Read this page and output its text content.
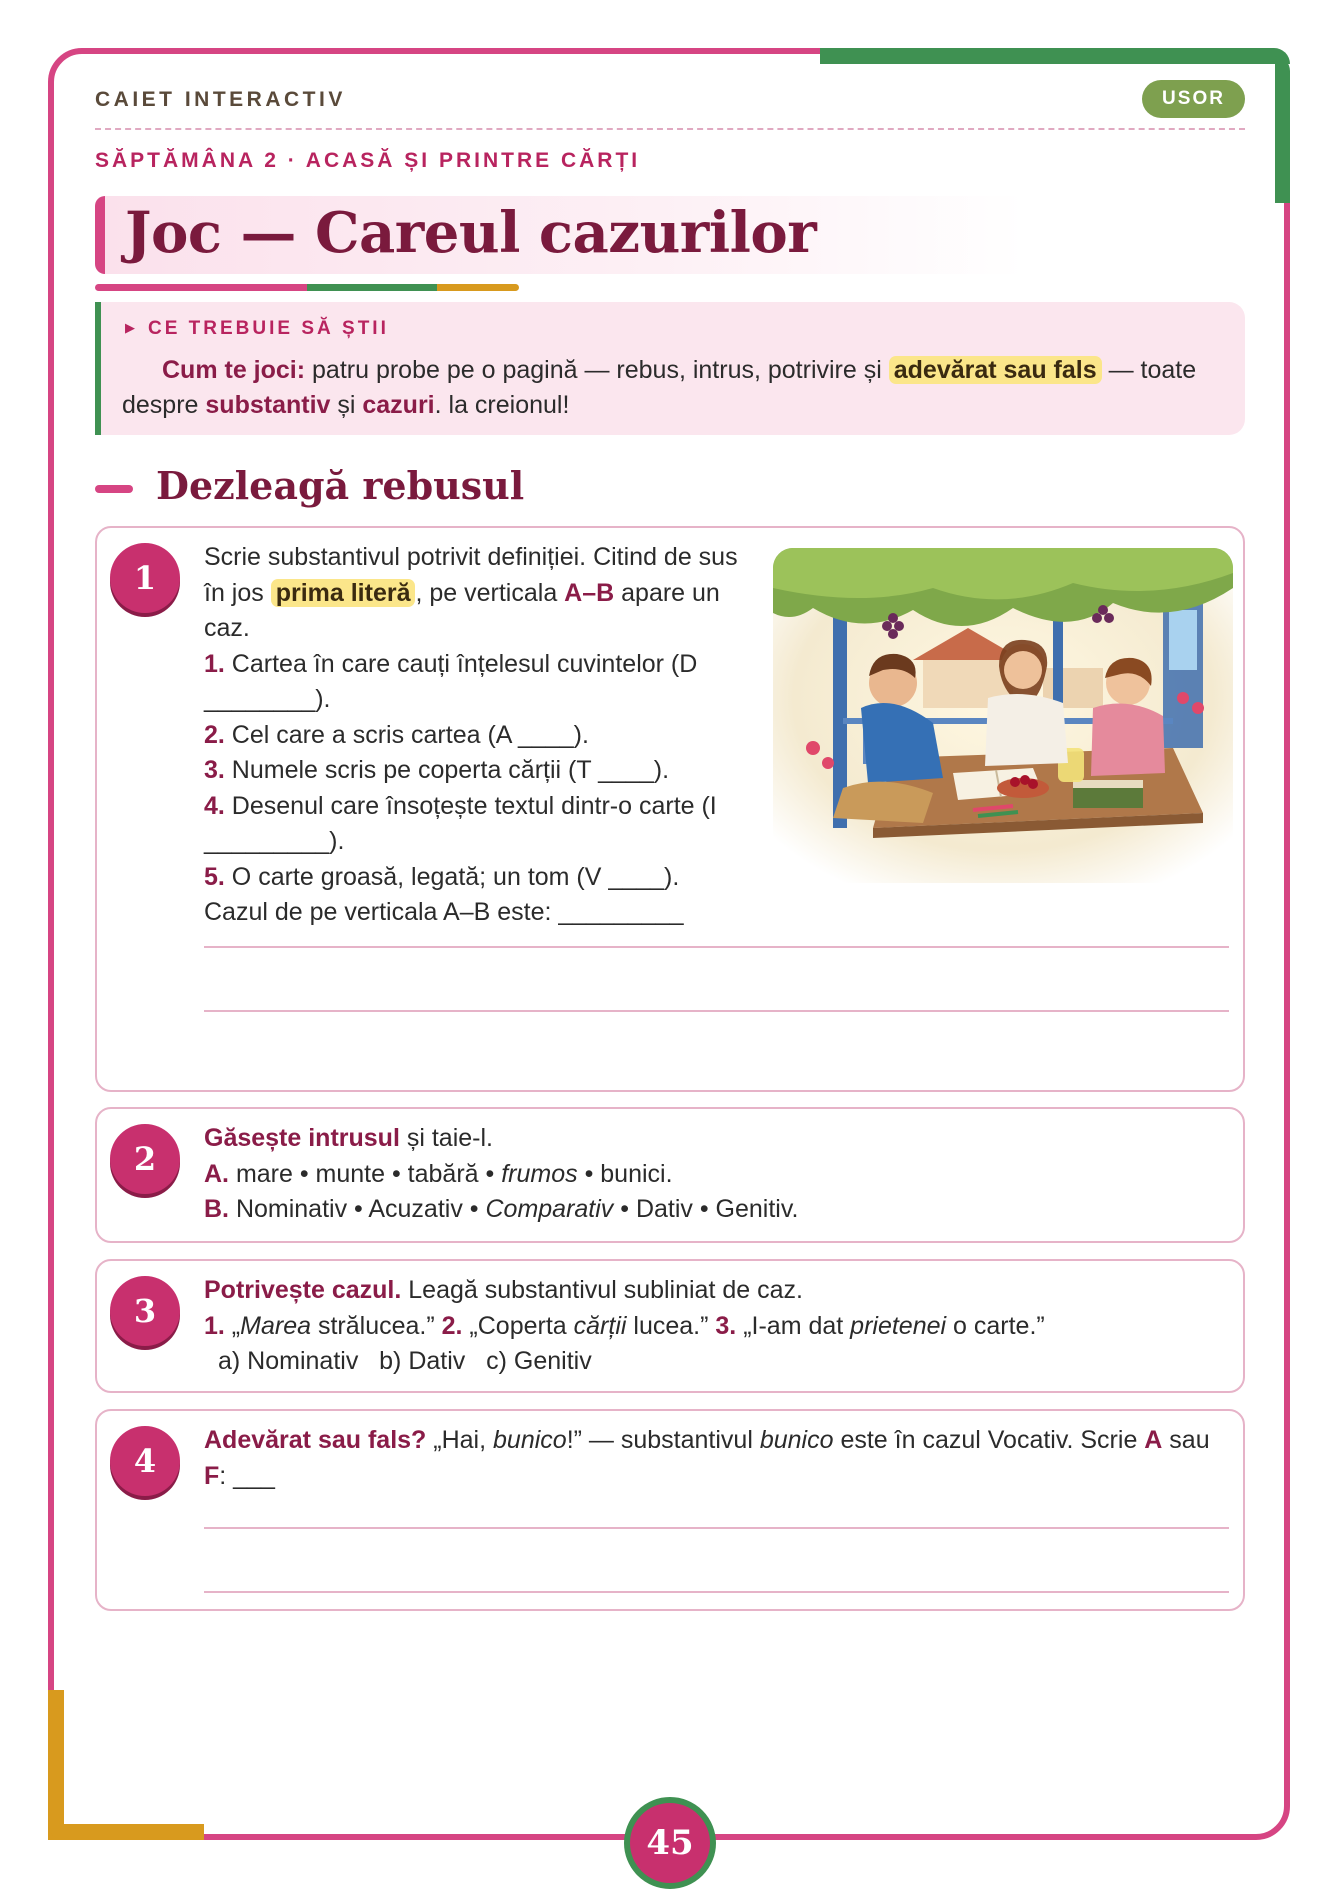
CAIET INTERACTIV	USOR
SĂPTĂMÂNA 2 · ACASĂ ȘI PRINTRE CĂRȚI
Joc — Careul cazurilor
▶ CE TREBUIE SĂ ȘTII
Cum te joci: patru probe pe o pagină — rebus, intrus, potrivire și adevărat sau fals — toate despre substantiv și cazuri. la creionul!
Dezleagă rebusul
1
Scrie substantivul potrivit definiției. Citind de sus în jos prima literă , pe verticala A–B apare un caz.
1. Cartea în care cauți înțelesul cuvintelor (D ________).
2. Cel care a scris cartea (A ____).
3. Numele scris pe coperta cărții (T ____).
4. Desenul care însoțește textul dintr-o carte (I _________).
5. O carte groasă, legată; un tom (V ____).
Cazul de pe verticala A–B este: _________
2
Găsește intrusul și taie-l.
A. mare • munte • tabără • frumos • bunici.
B. Nominativ • Acuzativ • Comparativ • Dativ • Genitiv.
3
Potrivește cazul. Leagă substantivul subliniat de caz.
1. „Marea strălucea.” 2. „Coperta cărții lucea.” 3. „I-am dat prietenei o carte.”
a) Nominativ   b) Dativ   c) Genitiv
4
Adevărat sau fals? „Hai, bunico!” — substantivul bunico este în cazul Vocativ. Scrie A sau F: ___
45
